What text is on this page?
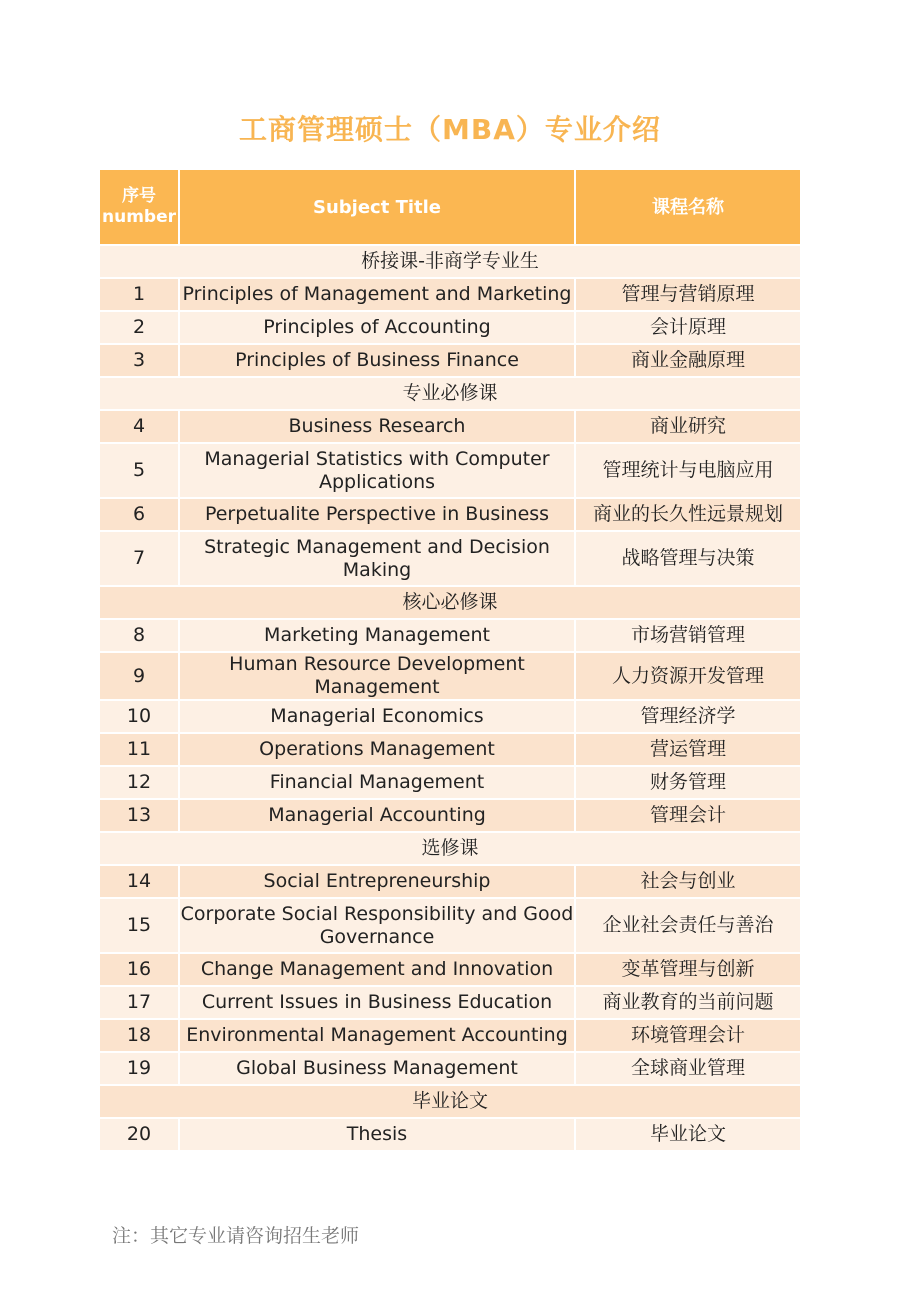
工商管理硕士（MBA）专业介绍
序号
number	Subject Title	课程名称
桥接课-非商学专业生		
1	Principles of Management and Marketing	管理与营销原理
2	Principles of Accounting	会计原理
3	Principles of Business Finance	商业金融原理
专业必修课		
4	Business Research	商业研究
5	Managerial Statistics with Computer Applications	管理统计与电脑应用
6	Perpetualite Perspective in Business	商业的长久性远景规划
7	Strategic Management and Decision Making	战略管理与决策
核心必修课		
8	Marketing Management	市场营销管理
9	Human Resource Development Management	人力资源开发管理
10	Managerial Economics	管理经济学
11	Operations Management	营运管理
12	Financial Management	财务管理
13	Managerial Accounting	管理会计
选修课		
14	Social Entrepreneurship	社会与创业
15	Corporate Social Responsibility and Good Governance	企业社会责任与善治
16	Change Management and Innovation	变革管理与创新
17	Current Issues in Business Education	商业教育的当前问题
18	Environmental Management Accounting	环境管理会计
19	Global Business Management	全球商业管理
毕业论文		
20	Thesis	毕业论文
注：其它专业请咨询招生老师
